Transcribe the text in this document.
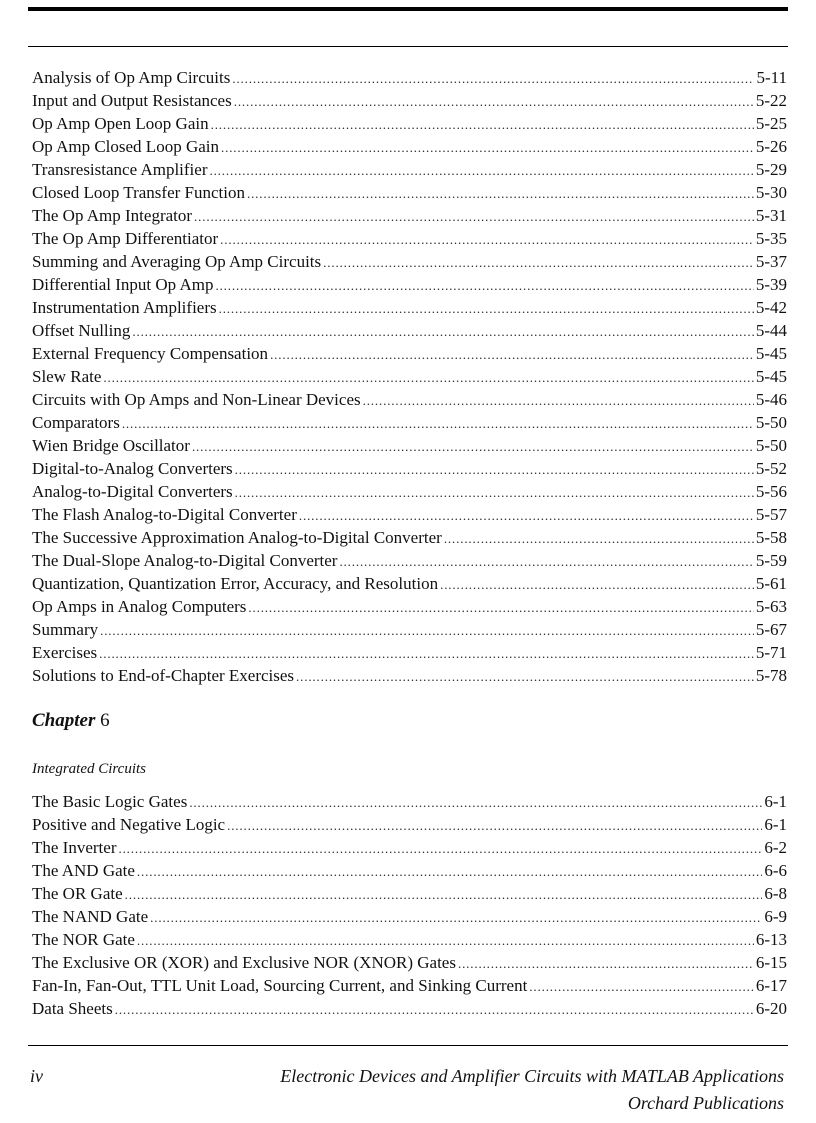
Analysis of Op Amp Circuits . . .	5-11
Input and Output Resistances . . .	5-22
Op Amp Open Loop Gain . . .	5-25
Op Amp Closed Loop Gain . . .	5-26
Transresistance Amplifier . . .	5-29
Closed Loop Transfer Function . . .	5-30
The Op Amp Integrator . . .	5-31
The Op Amp Differentiator . . .	5-35
Summing and Averaging Op Amp Circuits . . .	5-37
Differential Input Op Amp . . .	5-39
Instrumentation Amplifiers . . .	5-42
Offset Nulling . . .	5-44
External Frequency Compensation . . .	5-45
Slew Rate . . .	5-45
Circuits with Op Amps and Non-Linear Devices . . .	5-46
Comparators . . .	5-50
Wien Bridge Oscillator . . .	5-50
Digital-to-Analog Converters . . .	5-52
Analog-to-Digital Converters . . .	5-56
The Flash Analog-to-Digital Converter . . .	5-57
The Successive Approximation Analog-to-Digital Converter . . .	5-58
The Dual-Slope Analog-to-Digital Converter . . .	5-59
Quantization, Quantization Error, Accuracy, and Resolution . . .	5-61
Op Amps in Analog Computers . . .	5-63
Summary . . .	5-67
Exercises . . .	5-71
Solutions to End-of-Chapter Exercises . . .	5-78
Chapter 6
Integrated Circuits
The Basic Logic Gates . . .	6-1
Positive and Negative Logic . . .	6-1
The Inverter . . .	6-2
The AND Gate . . .	6-6
The OR Gate . . .	6-8
The NAND Gate . . .	6-9
The NOR Gate . . .	6-13
The Exclusive OR (XOR) and Exclusive NOR (XNOR) Gates . . .	6-15
Fan-In, Fan-Out, TTL Unit Load, Sourcing Current, and Sinking Current . . .	6-17
Data Sheets . . .	6-20
iv	Electronic Devices and Amplifier Circuits with MATLAB Applications
Orchard Publications
